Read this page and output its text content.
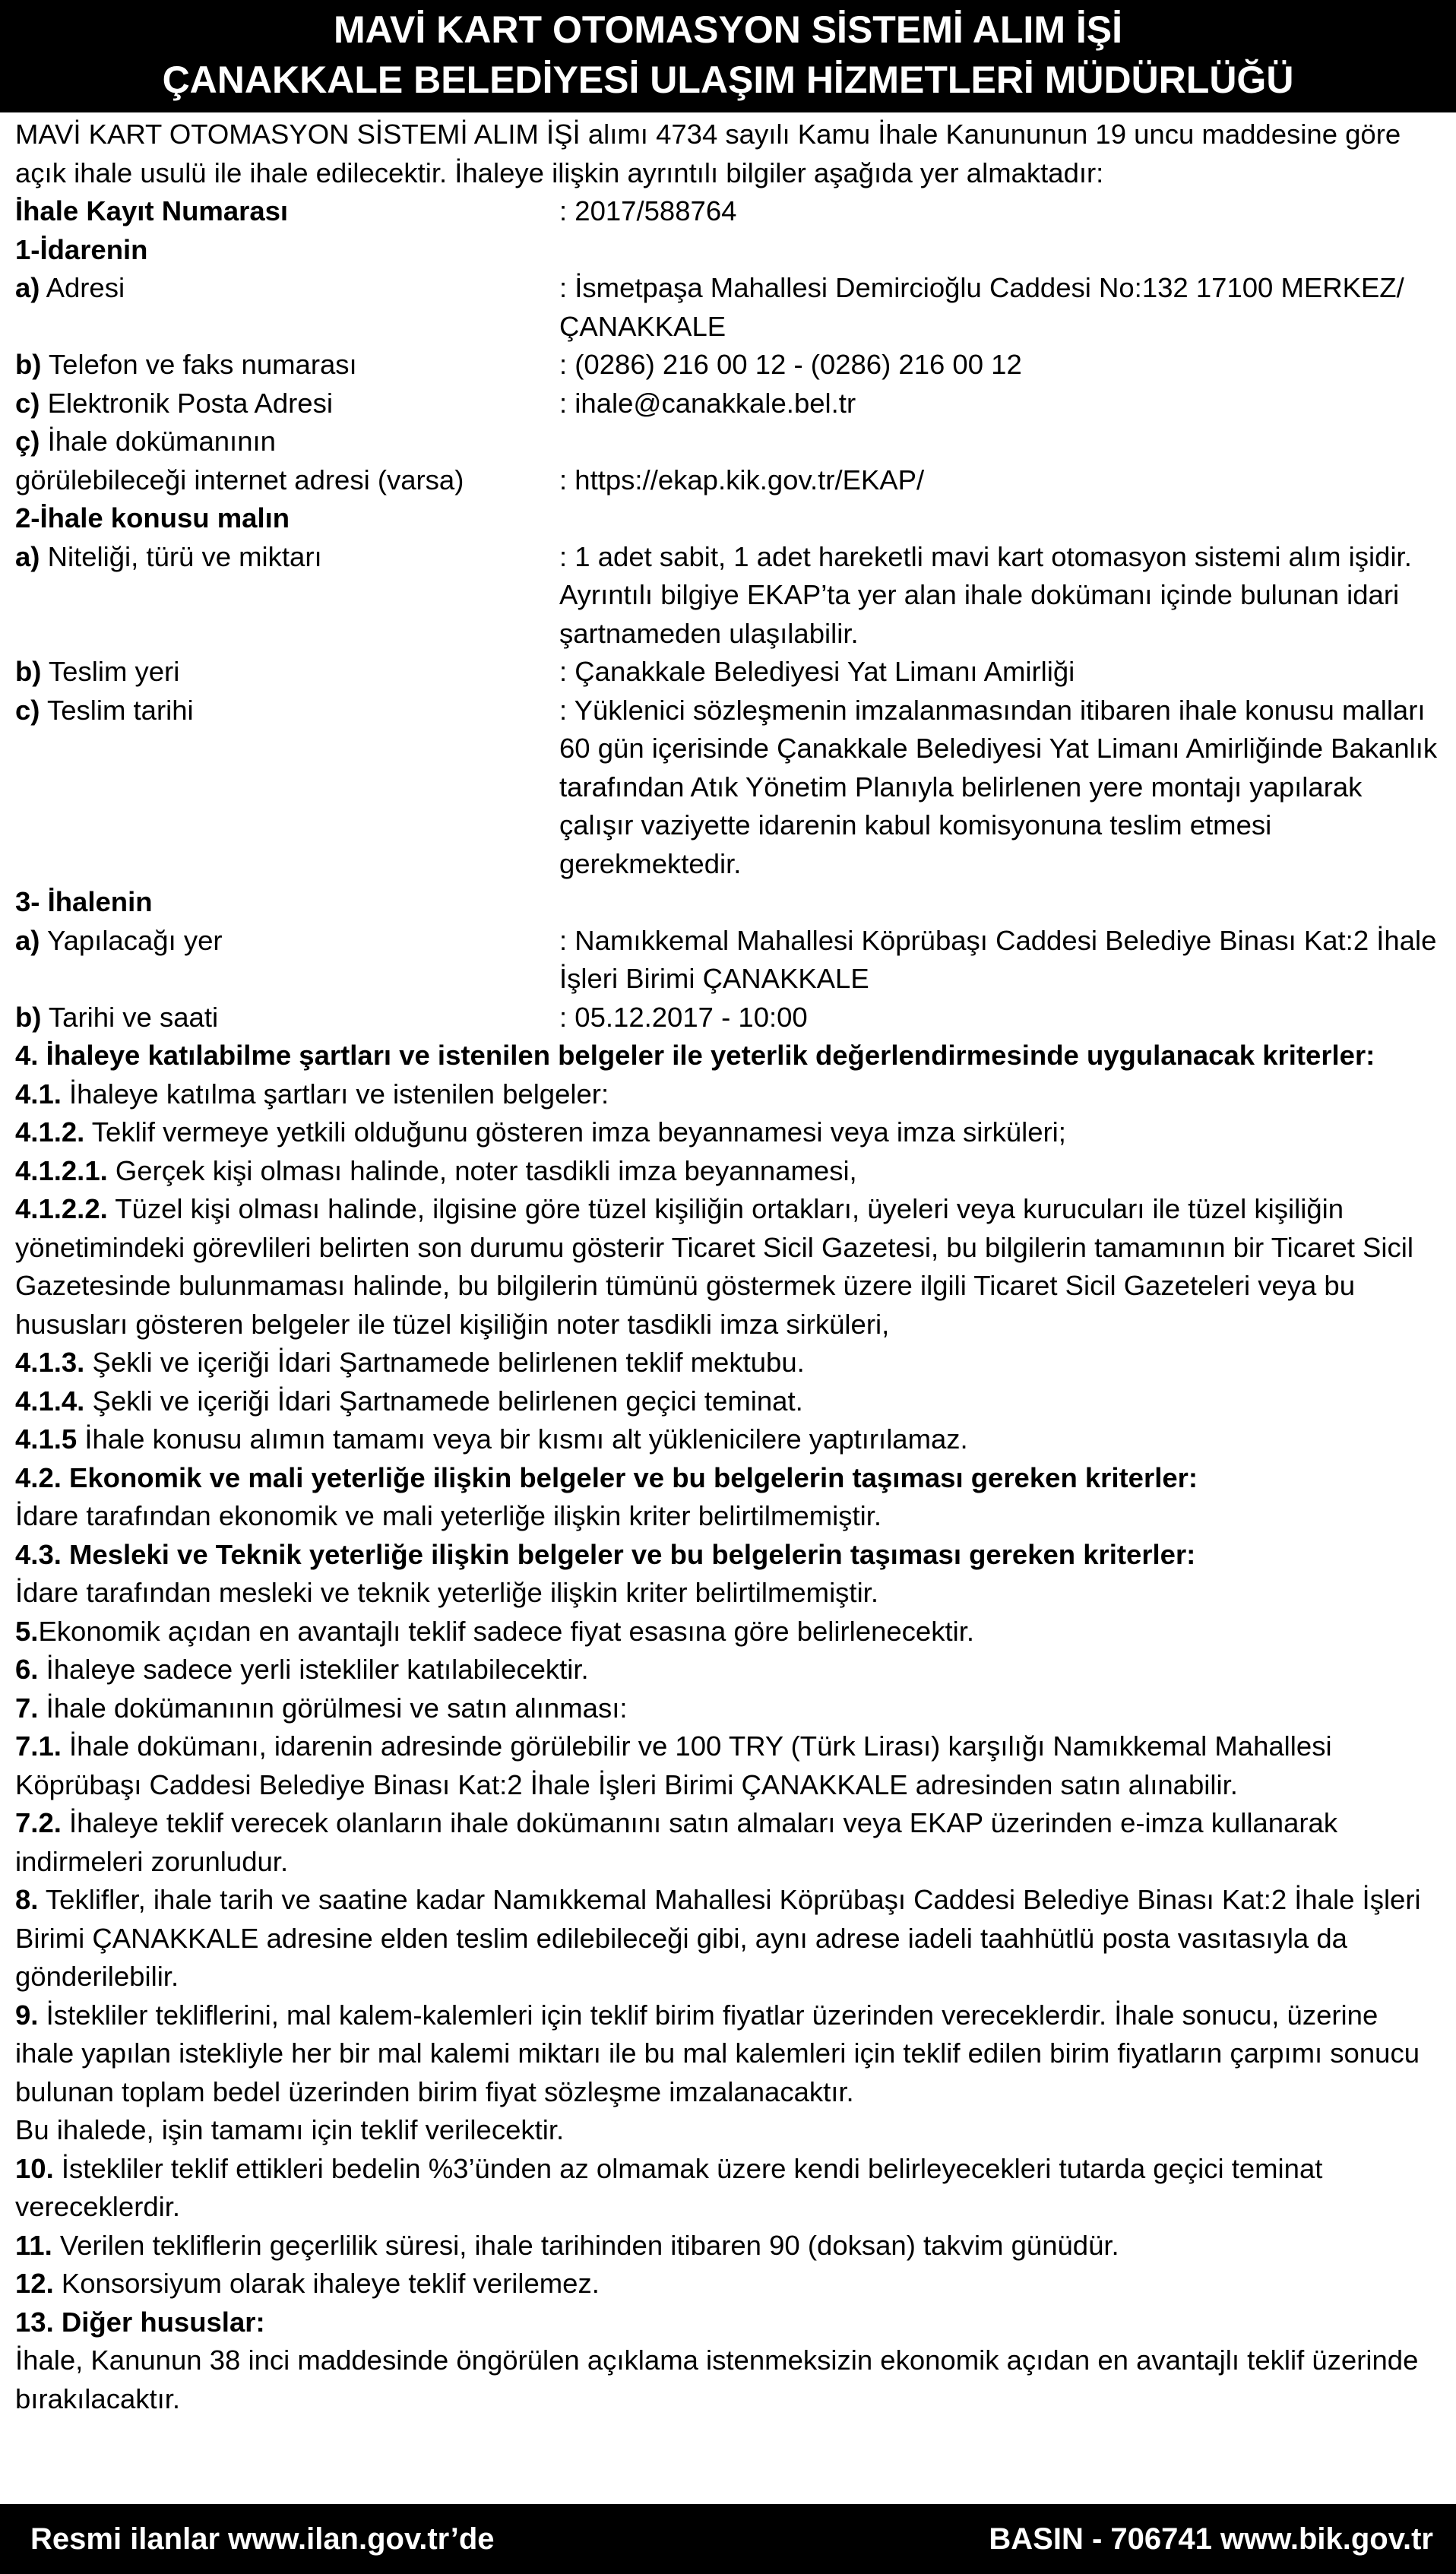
MAVİ KART OTOMASYON SİSTEMİ ALIM İŞİ
ÇANAKKALE BELEDİYESİ ULAŞIM HİZMETLERİ MÜDÜRLÜĞÜ

MAVİ KART OTOMASYON SİSTEMİ ALIM İŞİ alımı 4734 sayılı Kamu İhale Kanununun 19 uncu maddesine göre açık ihale usulü ile ihale edilecektir. İhaleye ilişkin ayrıntılı bilgiler aşağıda yer almaktadır:

İhale Kayıt Numarası	: 2017/588764

1-İdarenin

a) Adresi	: İsmetpaşa Mahallesi Demircioğlu Caddesi No:132 17100 MERKEZ/ÇANAKKALE
b) Telefon ve faks numarası	: (0286) 216 00 12 - (0286) 216 00 12
c) Elektronik Posta Adresi	: ihale@canakkale.bel.tr

ç) İhale dokümanının

görülebileceği internet adresi (varsa)	: https://ekap.kik.gov.tr/EKAP/

2-İhale konusu malın

a) Niteliği, türü ve miktarı	: 1 adet sabit, 1 adet hareketli mavi kart otomasyon sistemi alım işidir.
Ayrıntılı bilgiye EKAP’ta yer alan ihale dokümanı içinde bulunan idari şartnameden ulaşılabilir.
b) Teslim yeri	: Çanakkale Belediyesi Yat Limanı Amirliği
c) Teslim tarihi	: Yüklenici sözleşmenin imzalanmasından itibaren ihale konusu malları 60 gün içerisinde Çanakkale Belediyesi Yat Limanı Amirliğinde Bakanlık tarafından Atık Yönetim Planıyla belirlenen yere montajı yapılarak çalışır vaziyette idarenin kabul komisyonuna teslim etmesi gerekmektedir.

3- İhalenin

a) Yapılacağı yer	: Namıkkemal Mahallesi Köprübaşı Caddesi Belediye Binası Kat:2 İhale İşleri Birimi ÇANAKKALE
b) Tarihi ve saati	: 05.12.2017 - 10:00

4. İhaleye katılabilme şartları ve istenilen belgeler ile yeterlik değerlendirmesinde uygulanacak kriterler:

4.1. İhaleye katılma şartları ve istenilen belgeler:

4.1.2. Teklif vermeye yetkili olduğunu gösteren imza beyannamesi veya imza sirküleri;

4.1.2.1. Gerçek kişi olması halinde, noter tasdikli imza beyannamesi,

4.1.2.2. Tüzel kişi olması halinde, ilgisine göre tüzel kişiliğin ortakları, üyeleri veya kurucuları ile tüzel kişiliğin yönetimindeki görevlileri belirten son durumu gösterir Ticaret Sicil Gazetesi, bu bilgilerin tamamının bir Ticaret Sicil Gazetesinde bulunmaması halinde, bu bilgilerin tümünü göstermek üzere ilgili Ticaret Sicil Gazeteleri veya bu hususları gösteren belgeler ile tüzel kişiliğin noter tasdikli imza sirküleri,

4.1.3. Şekli ve içeriği İdari Şartnamede belirlenen teklif mektubu.

4.1.4. Şekli ve içeriği İdari Şartnamede belirlenen geçici teminat.

4.1.5 İhale konusu alımın tamamı veya bir kısmı alt yüklenicilere yaptırılamaz.

4.2. Ekonomik ve mali yeterliğe ilişkin belgeler ve bu belgelerin taşıması gereken kriterler:

İdare tarafından ekonomik ve mali yeterliğe ilişkin kriter belirtilmemiştir.

4.3. Mesleki ve Teknik yeterliğe ilişkin belgeler ve bu belgelerin taşıması gereken kriterler:

İdare tarafından mesleki ve teknik yeterliğe ilişkin kriter belirtilmemiştir.

5.Ekonomik açıdan en avantajlı teklif sadece fiyat esasına göre belirlenecektir.

6. İhaleye sadece yerli istekliler katılabilecektir.

7. İhale dokümanının görülmesi ve satın alınması:

7.1. İhale dokümanı, idarenin adresinde görülebilir ve 100 TRY (Türk Lirası) karşılığı Namıkkemal Mahallesi Köprübaşı Caddesi Belediye Binası Kat:2 İhale İşleri Birimi ÇANAKKALE adresinden satın alınabilir.

7.2. İhaleye teklif verecek olanların ihale dokümanını satın almaları veya EKAP üzerinden e-imza kullanarak indirmeleri zorunludur.

8. Teklifler, ihale tarih ve saatine kadar Namıkkemal Mahallesi Köprübaşı Caddesi Belediye Binası Kat:2 İhale İşleri Birimi ÇANAKKALE adresine elden teslim edilebileceği gibi, aynı adrese iadeli taahhütlü posta vasıtasıyla da gönderilebilir.

9. İstekliler tekliflerini, mal kalem-kalemleri için teklif birim fiyatlar üzerinden vereceklerdir. İhale sonucu, üzerine ihale yapılan istekliyle her bir mal kalemi miktarı ile bu mal kalemleri için teklif edilen birim fiyatların çarpımı sonucu bulunan toplam bedel üzerinden birim fiyat sözleşme imzalanacaktır.

Bu ihalede, işin tamamı için teklif verilecektir.

10. İstekliler teklif ettikleri bedelin %3’ünden az olmamak üzere kendi belirleyecekleri tutarda geçici teminat vereceklerdir.

11. Verilen tekliflerin geçerlilik süresi, ihale tarihinden itibaren 90 (doksan) takvim günüdür.

12. Konsorsiyum olarak ihaleye teklif verilemez.

13. Diğer hususlar:

İhale, Kanunun 38 inci maddesinde öngörülen açıklama istenmeksizin ekonomik açıdan en avantajlı teklif üzerinde bırakılacaktır.

Resmi ilanlar www.ilan.gov.tr’de	BASIN - 706741 www.bik.gov.tr
